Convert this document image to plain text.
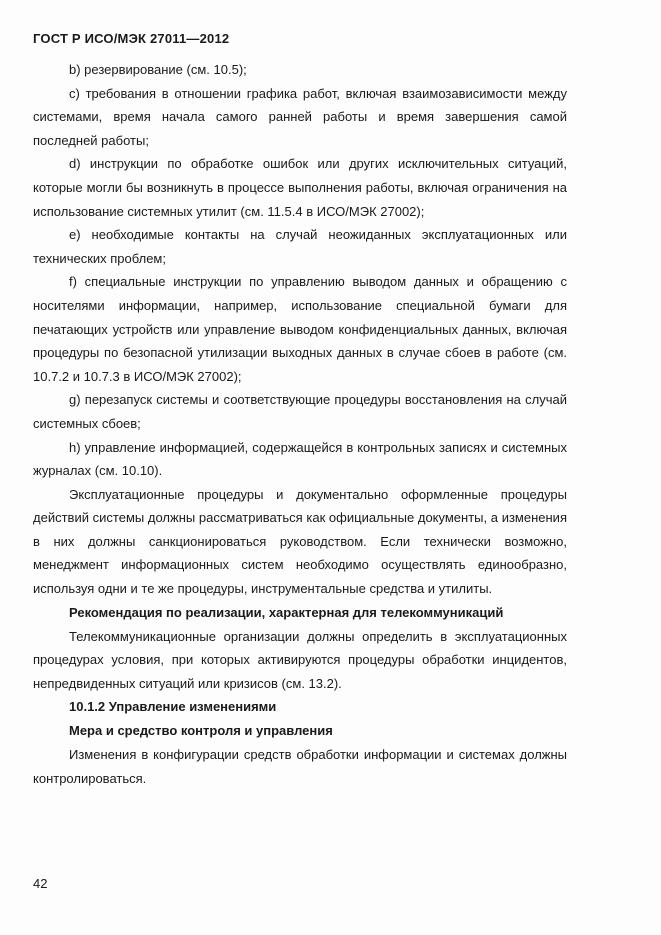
ГОСТ Р ИСО/МЭК 27011—2012

b) резервирование (см. 10.5);

c) требования в отношении графика работ, включая взаимозависимости между системами, время начала самого ранней работы и время завершения самой последней работы;

d) инструкции по обработке ошибок или других исключительных ситуаций, которые могли бы возникнуть в процессе выполнения работы, включая ограничения на использование системных утилит (см. 11.5.4 в ИСО/МЭК 27002);

e) необходимые контакты на случай неожиданных эксплуатационных или технических проблем;

f) специальные инструкции по управлению выводом данных и обращению с носителями информации, например, использование специальной бумаги для печатающих устройств или управление выводом конфиденциальных данных, включая процедуры по безопасной утилизации выходных данных в случае сбоев в работе (см. 10.7.2 и 10.7.3 в ИСО/МЭК 27002);

g) перезапуск системы и соответствующие процедуры восстановления на случай системных сбоев;

h) управление информацией, содержащейся в контрольных записях и системных журналах (см. 10.10).

Эксплуатационные процедуры и документально оформленные процедуры действий системы должны рассматриваться как официальные документы, а изменения в них должны санкционироваться руководством. Если технически возможно, менеджмент информационных систем необходимо осуществлять единообразно, используя одни и те же процедуры, инструментальные средства и утилиты.

Рекомендация по реализации, характерная для телекоммуникаций

Телекоммуникационные организации должны определить в эксплуатационных процедурах условия, при которых активируются процедуры обработки инцидентов, непредвиденных ситуаций или кризисов (см. 13.2).

10.1.2 Управление изменениями

Мера и средство контроля и управления

Изменения в конфигурации средств обработки информации и системах должны контролироваться.

42
